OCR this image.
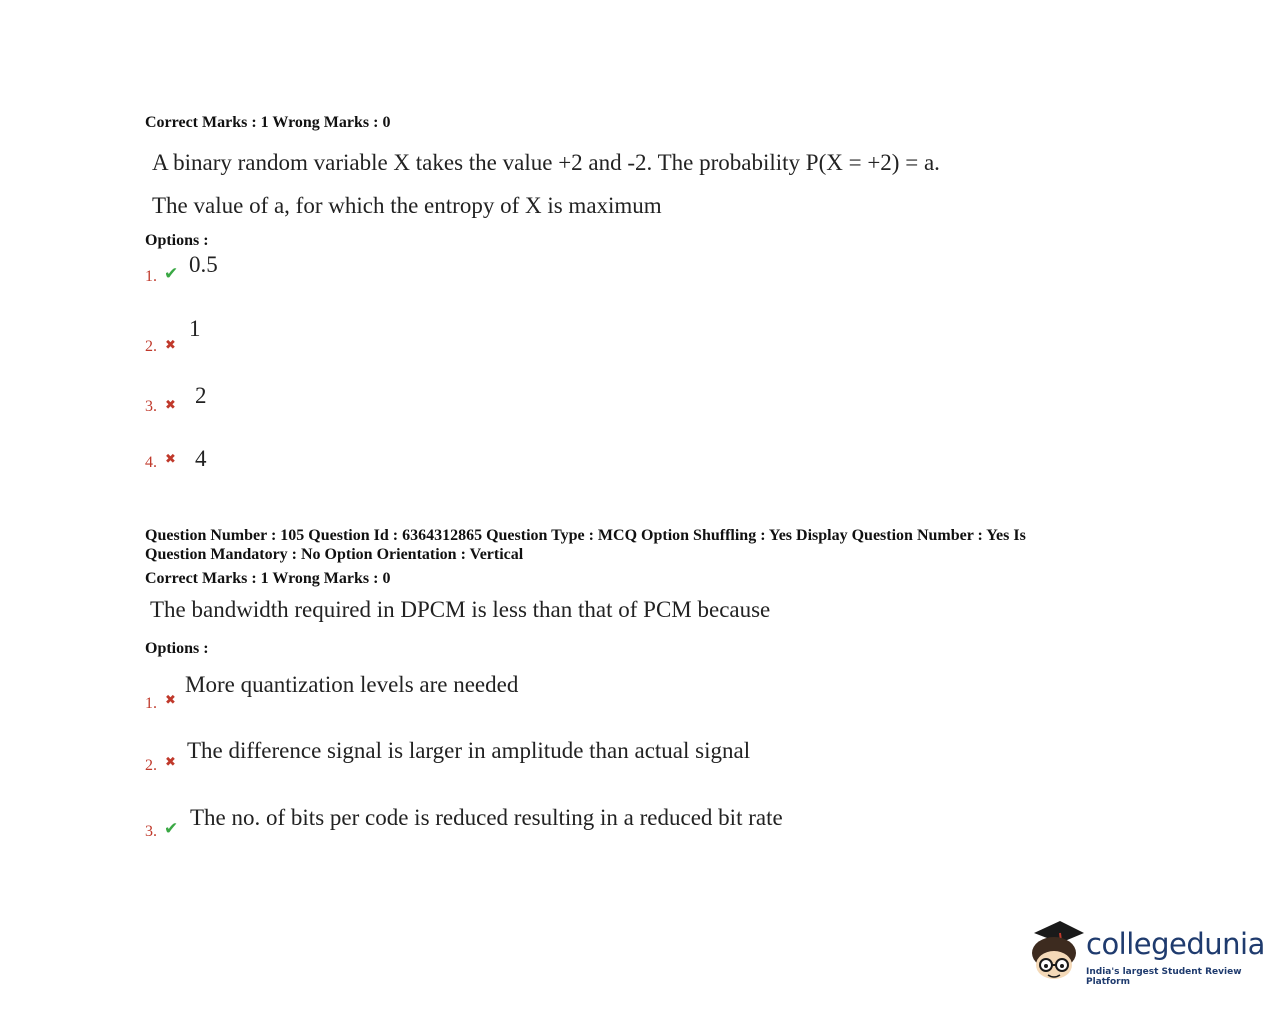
Correct Marks : 1 Wrong Marks : 0
A binary random variable X takes the value +2 and -2. The probability P(X = +2) = a.
The value of a, for which the entropy of X is maximum
Options :
1. ✔ 0.5
2. ✖
1
3. ✖ 2
4. ✖ 4
Question Number : 105 Question Id : 6364312865 Question Type : MCQ Option Shuffling : Yes Display Question Number : Yes Is
Question Mandatory : No Option Orientation : Vertical
Correct Marks : 1 Wrong Marks : 0
The bandwidth required in DPCM is less than that of PCM because
Options :
1. ✖
More quantization levels are needed
2. ✖ The difference signal is larger in amplitude than actual signal
3. ✔ The no. of bits per code is reduced resulting in a reduced bit rate
collegedunia
India's largest Student Review Platform
